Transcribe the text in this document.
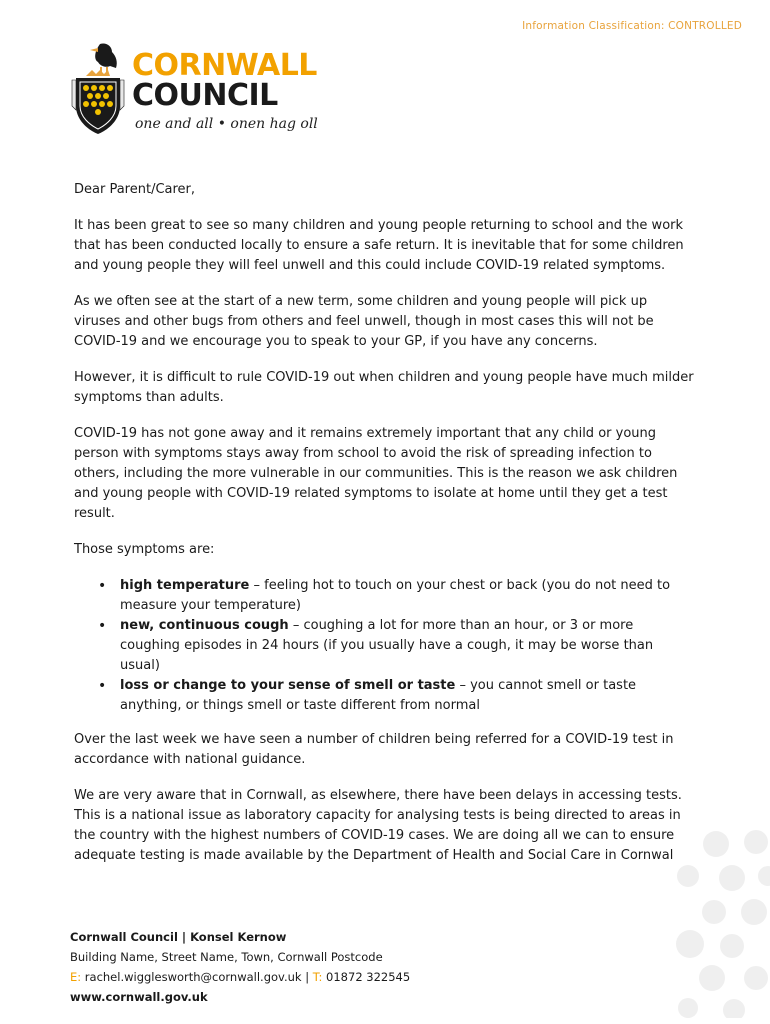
Information Classification: CONTROLLED
CORNWALL
COUNCIL
one and all • onen hag oll

Dear Parent/Carer,

It has been great to see so many children and young people returning to school and the work that has been conducted locally to ensure a safe return. It is inevitable that for some children and young people they will feel unwell and this could include COVID-19 related symptoms.

As we often see at the start of a new term, some children and young people will pick up viruses and other bugs from others and feel unwell, though in most cases this will not be COVID-19 and we encourage you to speak to your GP, if you have any concerns.

However, it is difficult to rule COVID-19 out when children and young people have much milder symptoms than adults.

COVID-19 has not gone away and it remains extremely important that any child or young person with symptoms stays away from school to avoid the risk of spreading infection to others, including the more vulnerable in our communities. This is the reason we ask children and young people with COVID-19 related symptoms to isolate at home until they get a test result.

Those symptoms are:

• high temperature – feeling hot to touch on your chest or back (you do not need to measure your temperature)
• new, continuous cough – coughing a lot for more than an hour, or 3 or more coughing episodes in 24 hours (if you usually have a cough, it may be worse than usual)
• loss or change to your sense of smell or taste – you cannot smell or taste anything, or things smell or taste different from normal

Over the last week we have seen a number of children being referred for a COVID-19 test in accordance with national guidance.

We are very aware that in Cornwall, as elsewhere, there have been delays in accessing tests. This is a national issue as laboratory capacity for analysing tests is being directed to areas in the country with the highest numbers of COVID-19 cases. We are doing all we can to ensure adequate testing is made available by the Department of Health and Social Care in Cornwal

Cornwall Council | Konsel Kernow
Building Name, Street Name, Town, Cornwall Postcode
E: rachel.wigglesworth@cornwall.gov.uk | T: 01872 322545
www.cornwall.gov.uk
